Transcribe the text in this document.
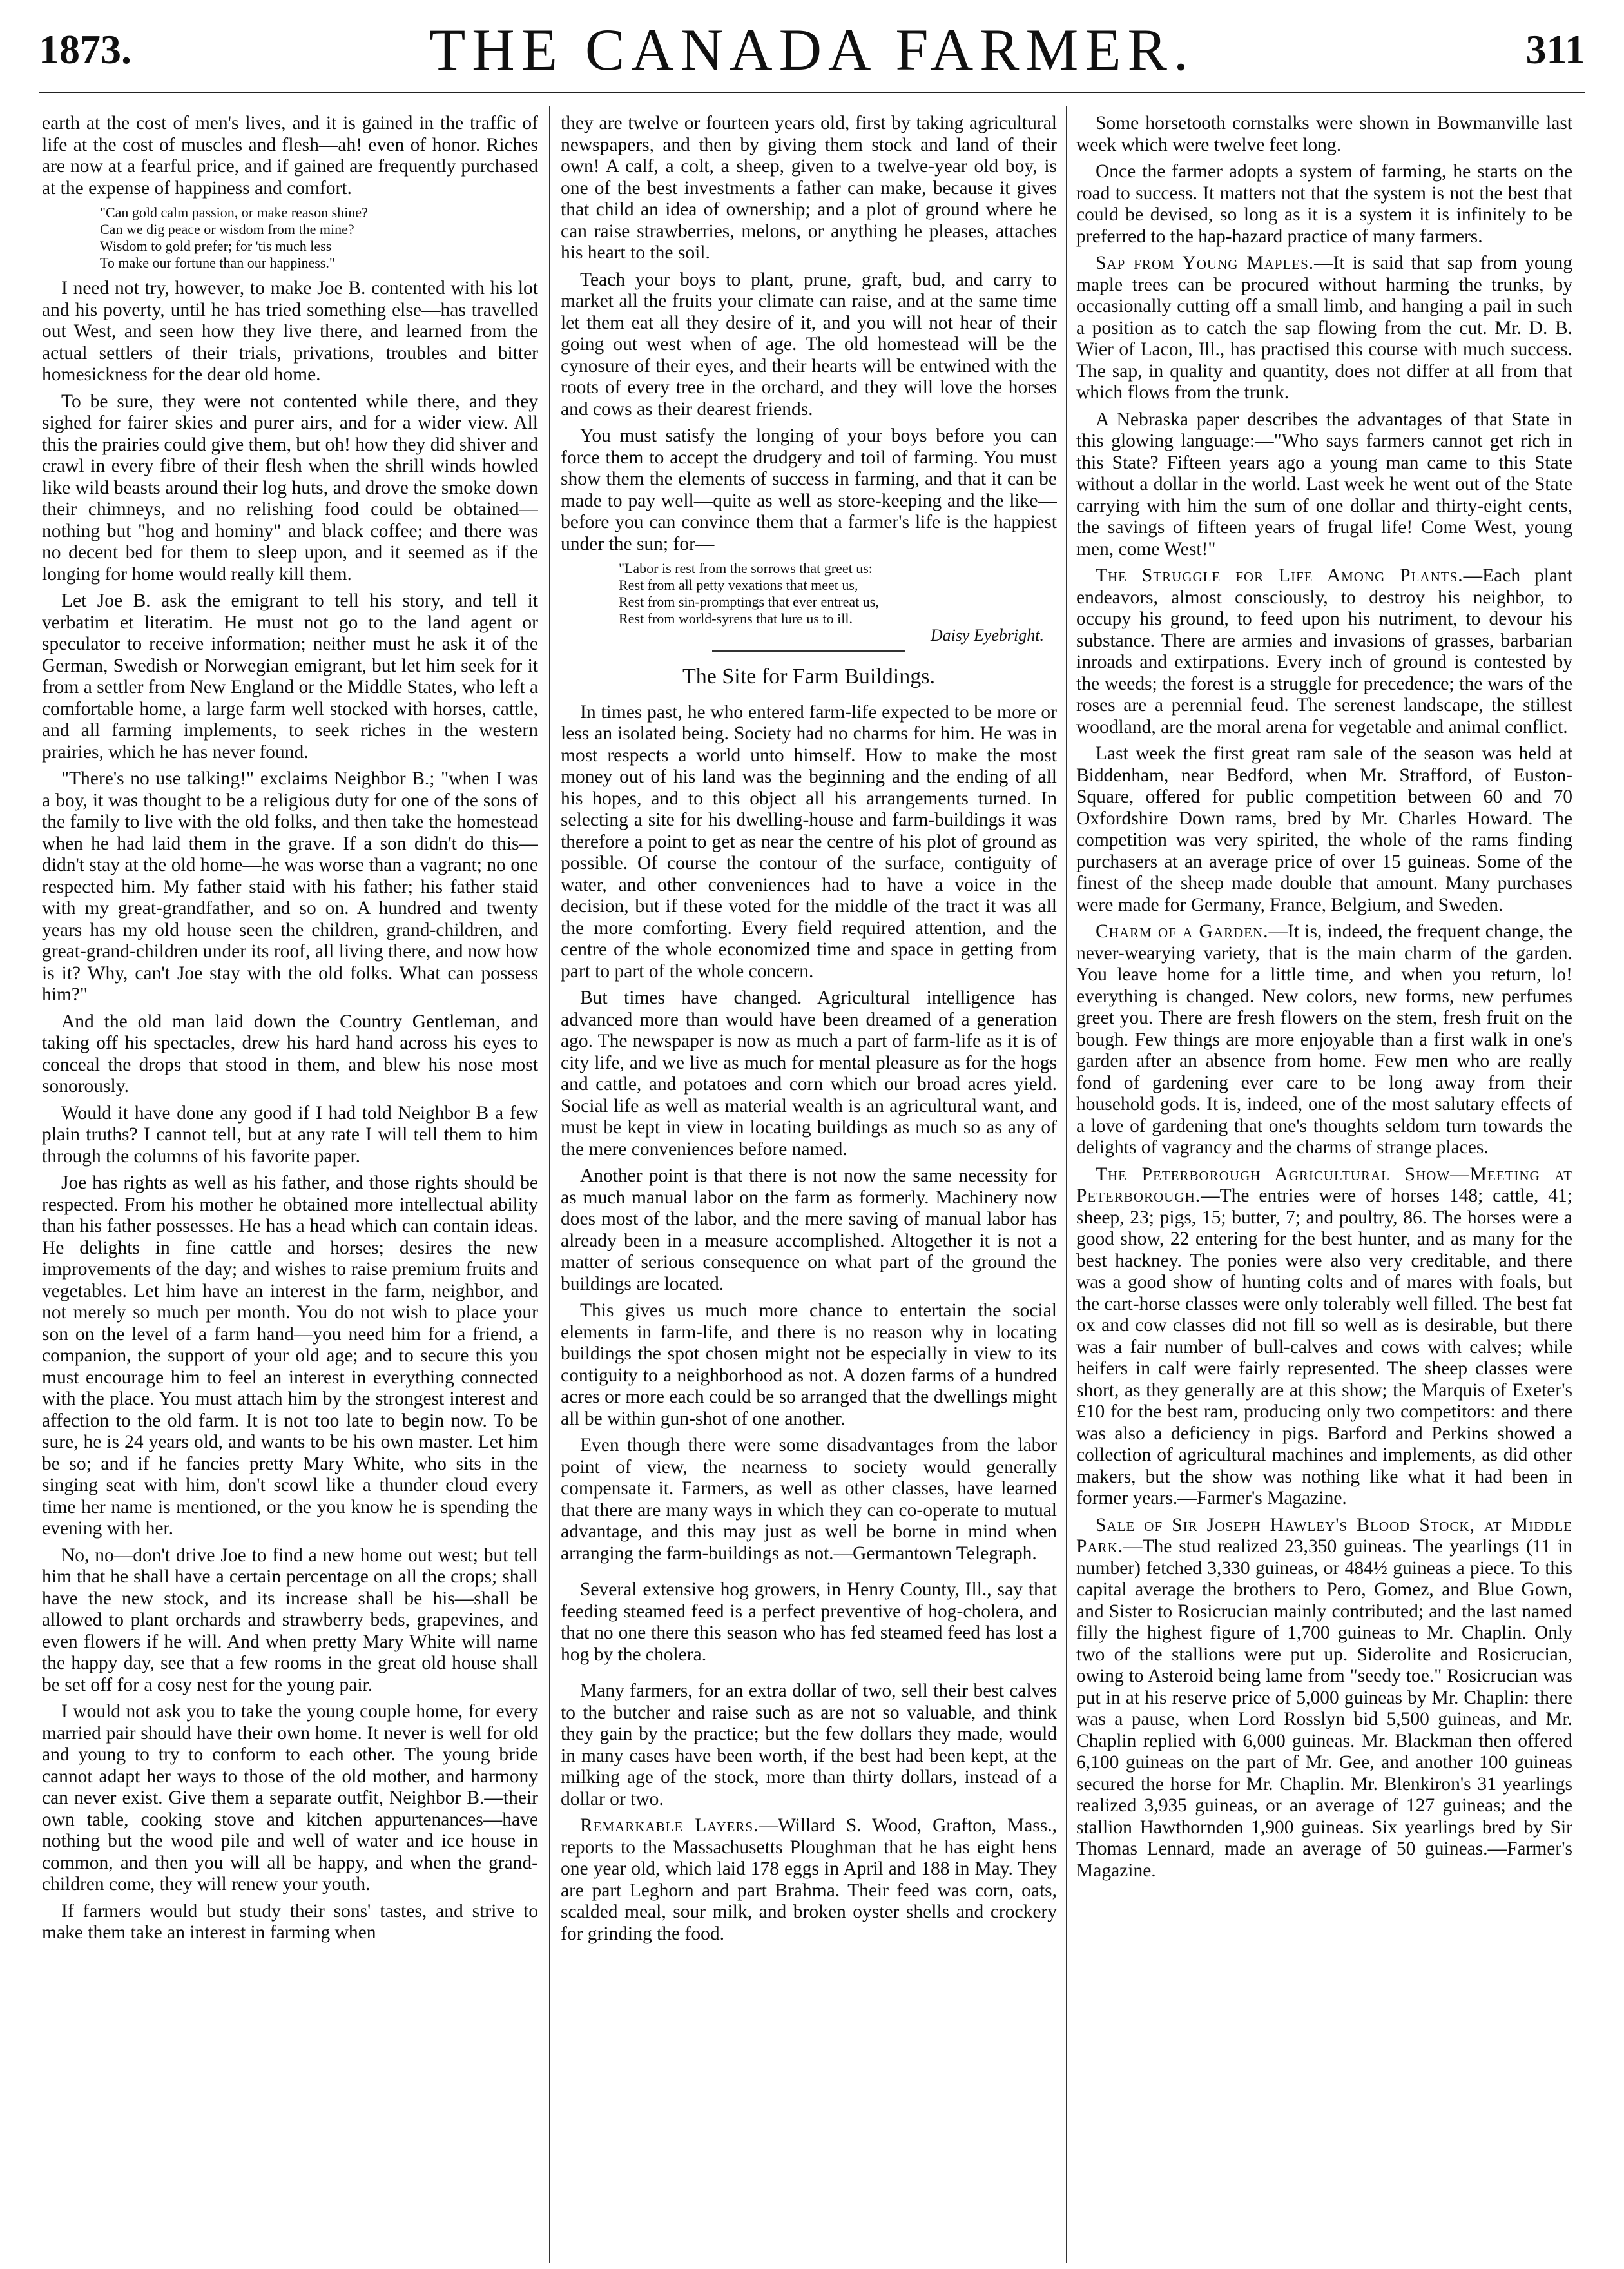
1873.	THE CANADA FARMER.	311

earth at the cost of men's lives, and it is gained in the traffic of life at the cost of muscles and flesh—ah! even of honor. Riches are now at a fearful price, and if gained are frequently purchased at the expense of happiness and comfort.

"Can gold calm passion, or make reason shine?
Can we dig peace or wisdom from the mine?
Wisdom to gold prefer; for 'tis much less
To make our fortune than our happiness."

I need not try, however, to make Joe B. contented with his lot and his poverty, until he has tried something else—has travelled out West, and seen how they live there, and learned from the actual settlers of their trials, privations, troubles and bitter homesickness for the dear old home.

To be sure, they were not contented while there, and they sighed for fairer skies and purer airs, and for a wider view. All this the prairies could give them, but oh! how they did shiver and crawl in every fibre of their flesh when the shrill winds howled like wild beasts around their log huts, and drove the smoke down their chimneys, and no relishing food could be obtained—nothing but "hog and hominy" and black coffee; and there was no decent bed for them to sleep upon, and it seemed as if the longing for home would really kill them.

Let Joe B. ask the emigrant to tell his story, and tell it verbatim et literatim. He must not go to the land agent or speculator to receive information; neither must he ask it of the German, Swedish or Norwegian emigrant, but let him seek for it from a settler from New England or the Middle States, who left a comfortable home, a large farm well stocked with horses, cattle, and all farming implements, to seek riches in the western prairies, which he has never found.

"There's no use talking!" exclaims Neighbor B.; "when I was a boy, it was thought to be a religious duty for one of the sons of the family to live with the old folks, and then take the homestead when he had laid them in the grave. If a son didn't do this—didn't stay at the old home—he was worse than a vagrant; no one respected him. My father staid with his father; his father staid with my great-grandfather, and so on. A hundred and twenty years has my old house seen the children, grand-children, and great-grand-children under its roof, all living there, and now how is it? Why, can't Joe stay with the old folks. What can possess him?"

And the old man laid down the Country Gentleman, and taking off his spectacles, drew his hard hand across his eyes to conceal the drops that stood in them, and blew his nose most sonorously.

Would it have done any good if I had told Neighbor B a few plain truths? I cannot tell, but at any rate I will tell them to him through the columns of his favorite paper.

Joe has rights as well as his father, and those rights should be respected. From his mother he obtained more intellectual ability than his father possesses. He has a head which can contain ideas. He delights in fine cattle and horses; desires the new improvements of the day; and wishes to raise premium fruits and vegetables. Let him have an interest in the farm, neighbor, and not merely so much per month. You do not wish to place your son on the level of a farm hand—you need him for a friend, a companion, the support of your old age; and to secure this you must encourage him to feel an interest in everything connected with the place. You must attach him by the strongest interest and affection to the old farm. It is not too late to begin now. To be sure, he is 24 years old, and wants to be his own master. Let him be so; and if he fancies pretty Mary White, who sits in the singing seat with him, don't scowl like a thunder cloud every time her name is mentioned, or the you know he is spending the evening with her.

No, no—don't drive Joe to find a new home out west; but tell him that he shall have a certain percentage on all the crops; shall have the new stock, and its increase shall be his—shall be allowed to plant orchards and strawberry beds, grapevines, and even flowers if he will. And when pretty Mary White will name the happy day, see that a few rooms in the great old house shall be set off for a cosy nest for the young pair.

I would not ask you to take the young couple home, for every married pair should have their own home. It never is well for old and young to try to conform to each other. The young bride cannot adapt her ways to those of the old mother, and harmony can never exist. Give them a separate outfit, Neighbor B.—their own table, cooking stove and kitchen appurtenances—have nothing but the wood pile and well of water and ice house in common, and then you will all be happy, and when the grand-children come, they will renew your youth.

If farmers would but study their sons' tastes, and strive to make them take an interest in farming when

they are twelve or fourteen years old, first by taking agricultural newspapers, and then by giving them stock and land of their own! A calf, a colt, a sheep, given to a twelve-year old boy, is one of the best investments a father can make, because it gives that child an idea of ownership; and a plot of ground where he can raise strawberries, melons, or anything he pleases, attaches his heart to the soil.

Teach your boys to plant, prune, graft, bud, and carry to market all the fruits your climate can raise, and at the same time let them eat all they desire of it, and you will not hear of their going out west when of age. The old homestead will be the cynosure of their eyes, and their hearts will be entwined with the roots of every tree in the orchard, and they will love the horses and cows as their dearest friends.

You must satisfy the longing of your boys before you can force them to accept the drudgery and toil of farming. You must show them the elements of success in farming, and that it can be made to pay well—quite as well as store-keeping and the like—before you can convince them that a farmer's life is the happiest under the sun; for—

"Labor is rest from the sorrows that greet us:
Rest from all petty vexations that meet us,
Rest from sin-promptings that ever entreat us,
Rest from world-syrens that lure us to ill.
Daisy Eyebright.
The Site for Farm Buildings.

In times past, he who entered farm-life expected to be more or less an isolated being. Society had no charms for him. He was in most respects a world unto himself. How to make the most money out of his land was the beginning and the ending of all his hopes, and to this object all his arrangements turned. In selecting a site for his dwelling-house and farm-buildings it was therefore a point to get as near the centre of his plot of ground as possible. Of course the contour of the surface, contiguity of water, and other conveniences had to have a voice in the decision, but if these voted for the middle of the tract it was all the more comforting. Every field required attention, and the centre of the whole economized time and space in getting from part to part of the whole concern.

But times have changed. Agricultural intelligence has advanced more than would have been dreamed of a generation ago. The newspaper is now as much a part of farm-life as it is of city life, and we live as much for mental pleasure as for the hogs and cattle, and potatoes and corn which our broad acres yield. Social life as well as material wealth is an agricultural want, and must be kept in view in locating buildings as much so as any of the mere conveniences before named.

Another point is that there is not now the same necessity for as much manual labor on the farm as formerly. Machinery now does most of the labor, and the mere saving of manual labor has already been in a measure accomplished. Altogether it is not a matter of serious consequence on what part of the ground the buildings are located.

This gives us much more chance to entertain the social elements in farm-life, and there is no reason why in locating buildings the spot chosen might not be especially in view to its contiguity to a neighborhood as not. A dozen farms of a hundred acres or more each could be so arranged that the dwellings might all be within gun-shot of one another.

Even though there were some disadvantages from the labor point of view, the nearness to society would generally compensate it. Farmers, as well as other classes, have learned that there are many ways in which they can co-operate to mutual advantage, and this may just as well be borne in mind when arranging the farm-buildings as not.—Germantown Telegraph.

Several extensive hog growers, in Henry County, Ill., say that feeding steamed feed is a perfect preventive of hog-cholera, and that no one there this season who has fed steamed feed has lost a hog by the cholera.

Many farmers, for an extra dollar of two, sell their best calves to the butcher and raise such as are not so valuable, and think they gain by the practice; but the few dollars they made, would in many cases have been worth, if the best had been kept, at the milking age of the stock, more than thirty dollars, instead of a dollar or two.

Remarkable Layers.—Willard S. Wood, Grafton, Mass., reports to the Massachusetts Ploughman that he has eight hens one year old, which laid 178 eggs in April and 188 in May. They are part Leghorn and part Brahma. Their feed was corn, oats, scalded meal, sour milk, and broken oyster shells and crockery for grinding the food.

Some horsetooth cornstalks were shown in Bowmanville last week which were twelve feet long.

Once the farmer adopts a system of farming, he starts on the road to success. It matters not that the system is not the best that could be devised, so long as it is a system it is infinitely to be preferred to the hap-hazard practice of many farmers.

Sap from Young Maples.—It is said that sap from young maple trees can be procured without harming the trunks, by occasionally cutting off a small limb, and hanging a pail in such a position as to catch the sap flowing from the cut. Mr. D. B. Wier of Lacon, Ill., has practised this course with much success. The sap, in quality and quantity, does not differ at all from that which flows from the trunk.

A Nebraska paper describes the advantages of that State in this glowing language:—"Who says farmers cannot get rich in this State? Fifteen years ago a young man came to this State without a dollar in the world. Last week he went out of the State carrying with him the sum of one dollar and thirty-eight cents, the savings of fifteen years of frugal life! Come West, young men, come West!"

The Struggle for Life Among Plants.—Each plant endeavors, almost consciously, to destroy his neighbor, to occupy his ground, to feed upon his nutriment, to devour his substance. There are armies and invasions of grasses, barbarian inroads and extirpations. Every inch of ground is contested by the weeds; the forest is a struggle for precedence; the wars of the roses are a perennial feud. The serenest landscape, the stillest woodland, are the moral arena for vegetable and animal conflict.

Last week the first great ram sale of the season was held at Biddenham, near Bedford, when Mr. Strafford, of Euston-Square, offered for public competition between 60 and 70 Oxfordshire Down rams, bred by Mr. Charles Howard. The competition was very spirited, the whole of the rams finding purchasers at an average price of over 15 guineas. Some of the finest of the sheep made double that amount. Many purchases were made for Germany, France, Belgium, and Sweden.

Charm of a Garden.—It is, indeed, the frequent change, the never-wearying variety, that is the main charm of the garden. You leave home for a little time, and when you return, lo! everything is changed. New colors, new forms, new perfumes greet you. There are fresh flowers on the stem, fresh fruit on the bough. Few things are more enjoyable than a first walk in one's garden after an absence from home. Few men who are really fond of gardening ever care to be long away from their household gods. It is, indeed, one of the most salutary effects of a love of gardening that one's thoughts seldom turn towards the delights of vagrancy and the charms of strange places.

The Peterborough Agricultural Show—Meeting at Peterborough.—The entries were of horses 148; cattle, 41; sheep, 23; pigs, 15; butter, 7; and poultry, 86. The horses were a good show, 22 entering for the best hunter, and as many for the best hackney. The ponies were also very creditable, and there was a good show of hunting colts and of mares with foals, but the cart-horse classes were only tolerably well filled. The best fat ox and cow classes did not fill so well as is desirable, but there was a fair number of bull-calves and cows with calves; while heifers in calf were fairly represented. The sheep classes were short, as they generally are at this show; the Marquis of Exeter's £10 for the best ram, producing only two competitors: and there was also a deficiency in pigs. Barford and Perkins showed a collection of agricultural machines and implements, as did other makers, but the show was nothing like what it had been in former years.—Farmer's Magazine.

Sale of Sir Joseph Hawley's Blood Stock, at Middle Park.—The stud realized 23,350 guineas. The yearlings (11 in number) fetched 3,330 guineas, or 484½ guineas a piece. To this capital average the brothers to Pero, Gomez, and Blue Gown, and Sister to Rosicrucian mainly contributed; and the last named filly the highest figure of 1,700 guineas to Mr. Chaplin. Only two of the stallions were put up. Siderolite and Rosicrucian, owing to Asteroid being lame from "seedy toe." Rosicrucian was put in at his reserve price of 5,000 guineas by Mr. Chaplin: there was a pause, when Lord Rosslyn bid 5,500 guineas, and Mr. Chaplin replied with 6,000 guineas. Mr. Blackman then offered 6,100 guineas on the part of Mr. Gee, and another 100 guineas secured the horse for Mr. Chaplin. Mr. Blenkiron's 31 yearlings realized 3,935 guineas, or an average of 127 guineas; and the stallion Hawthornden 1,900 guineas. Six yearlings bred by Sir Thomas Lennard, made an average of 50 guineas.—Farmer's Magazine.
